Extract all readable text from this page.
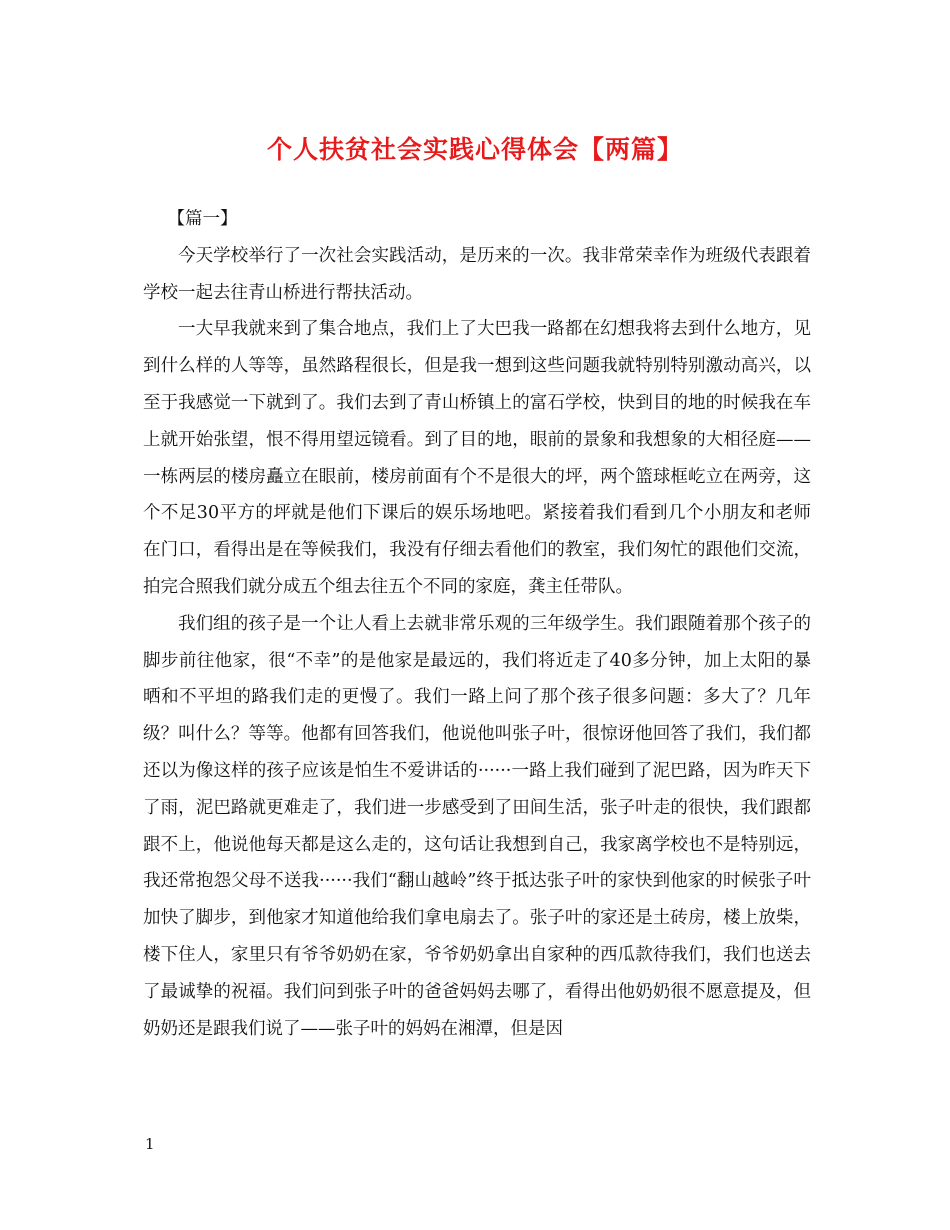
个人扶贫社会实践心得体会【两篇】

【篇一】

今天学校举行了一次社会实践活动，是历来的一次。我非常荣幸作为班级代表跟着学校一起去往青山桥进行帮扶活动。

一大早我就来到了集合地点，我们上了大巴我一路都在幻想我将去到什么地方，见到什么样的人等等，虽然路程很长，但是我一想到这些问题我就特别特别激动高兴，以至于我感觉一下就到了。我们去到了青山桥镇上的富石学校，快到目的地的时候我在车上就开始张望，恨不得用望远镜看。到了目的地，眼前的景象和我想象的大相径庭——一栋两层的楼房矗立在眼前，楼房前面有个不是很大的坪，两个篮球框屹立在两旁，这个不足30平方的坪就是他们下课后的娱乐场地吧。紧接着我们看到几个小朋友和老师在门口，看得出是在等候我们，我没有仔细去看他们的教室，我们匆忙的跟他们交流，拍完合照我们就分成五个组去往五个不同的家庭，龚主任带队。

我们组的孩子是一个让人看上去就非常乐观的三年级学生。我们跟随着那个孩子的脚步前往他家，很“不幸”的是他家是最远的，我们将近走了40多分钟，加上太阳的暴晒和不平坦的路我们走的更慢了。我们一路上问了那个孩子很多问题：多大了？几年级？叫什么？等等。他都有回答我们，他说他叫张子叶，很惊讶他回答了我们，我们都还以为像这样的孩子应该是怕生不爱讲话的······一路上我们碰到了泥巴路，因为昨天下了雨，泥巴路就更难走了，我们进一步感受到了田间生活，张子叶走的很快，我们跟都跟不上，他说他每天都是这么走的，这句话让我想到自己，我家离学校也不是特别远，我还常抱怨父母不送我······我们“翻山越岭”终于抵达张子叶的家快到他家的时候张子叶加快了脚步，到他家才知道他给我们拿电扇去了。张子叶的家还是土砖房，楼上放柴，楼下住人，家里只有爷爷奶奶在家，爷爷奶奶拿出自家种的西瓜款待我们，我们也送去了最诚挚的祝福。我们问到张子叶的爸爸妈妈去哪了，看得出他奶奶很不愿意提及，但奶奶还是跟我们说了——张子叶的妈妈在湘潭，但是因

1
